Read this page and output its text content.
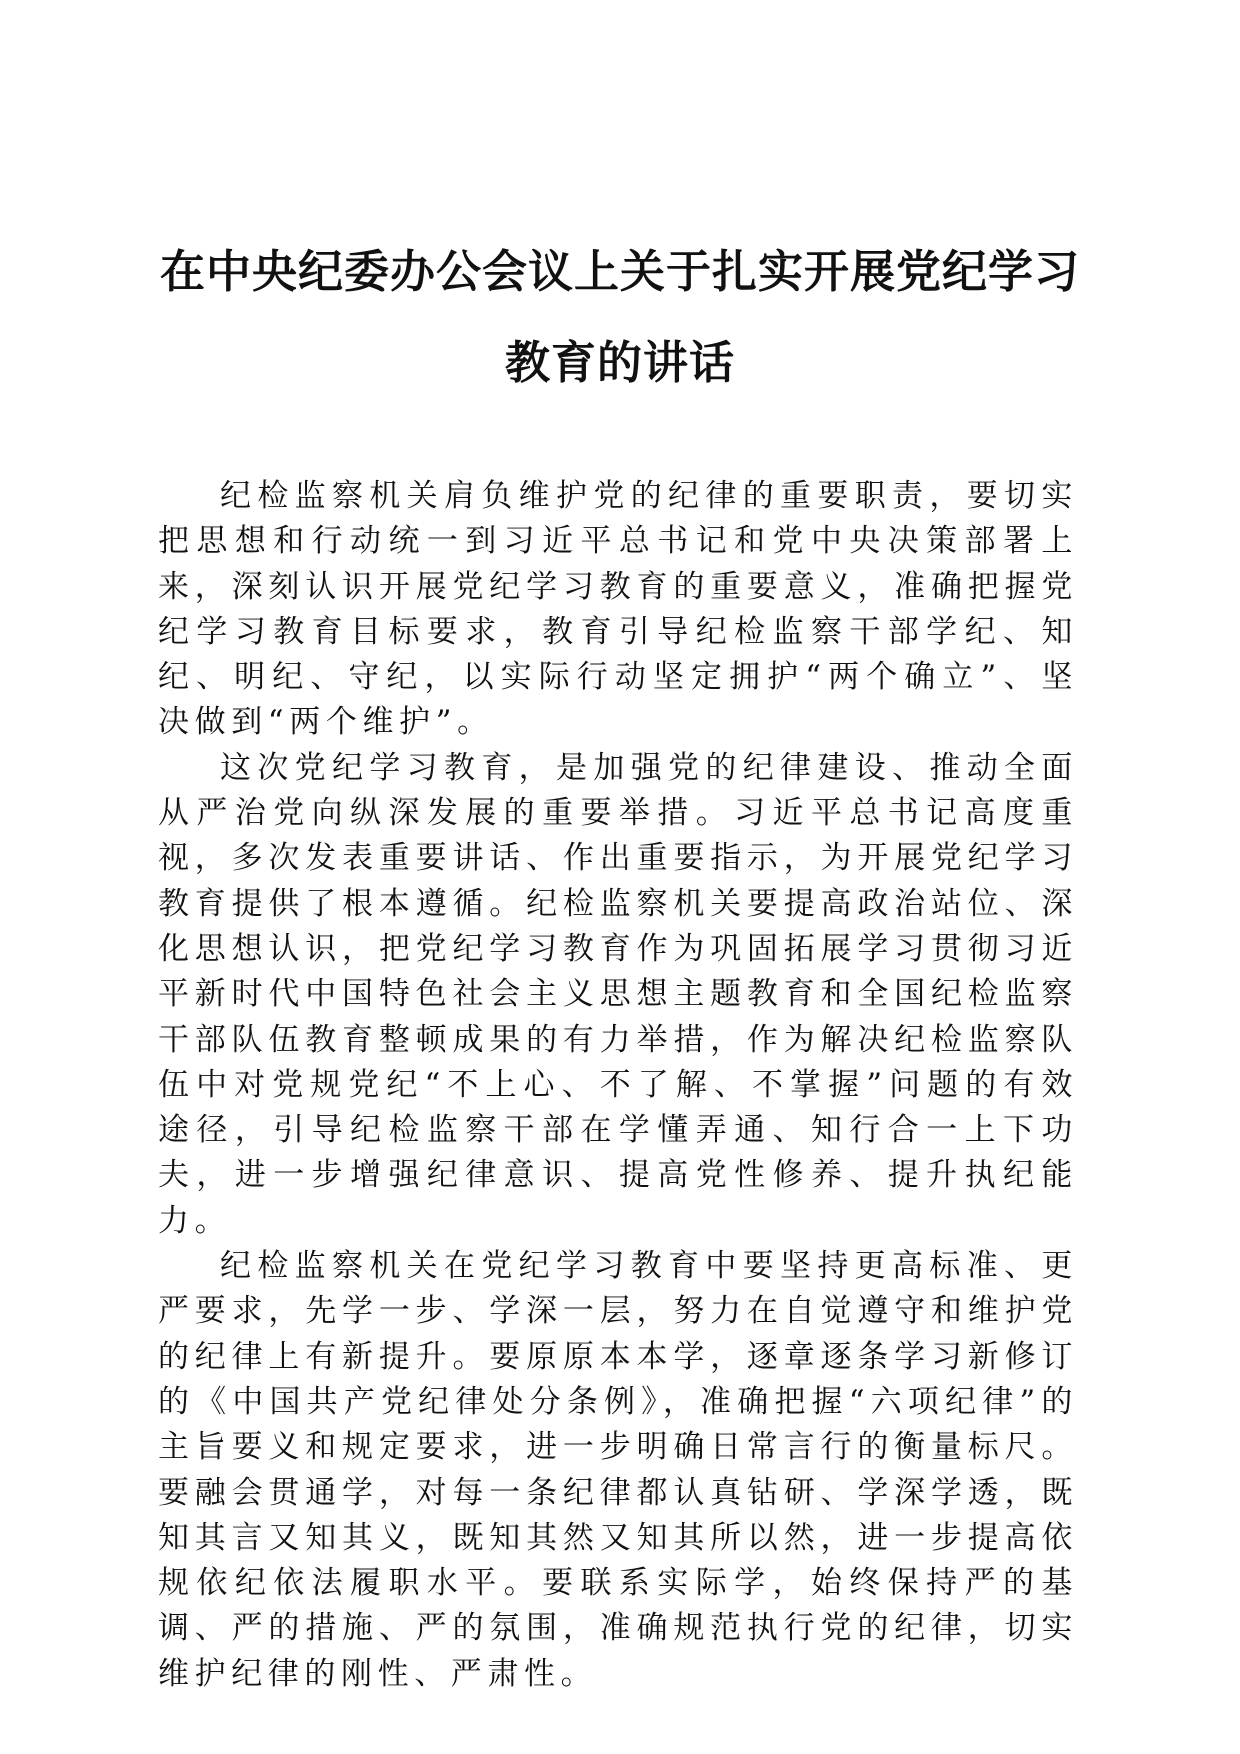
在中央纪委办公会议上关于扎实开展党纪学习
教育的讲话

纪检监察机关肩负维护党的纪律的重要职责，要切实把思想和行动统一到习近平总书记和党中央决策部署上来，深刻认识开展党纪学习教育的重要意义，准确把握党纪学习教育目标要求，教育引导纪检监察干部学纪、知纪、明纪、守纪，以实际行动坚定拥护“两个确立”、坚决做到“两个维护”。

这次党纪学习教育，是加强党的纪律建设、推动全面从严治党向纵深发展的重要举措。习近平总书记高度重视，多次发表重要讲话、作出重要指示，为开展党纪学习教育提供了根本遵循。纪检监察机关要提高政治站位、深化思想认识，把党纪学习教育作为巩固拓展学习贯彻习近平新时代中国特色社会主义思想主题教育和全国纪检监察干部队伍教育整顿成果的有力举措，作为解决纪检监察队伍中对党规党纪“不上心、不了解、不掌握”问题的有效途径，引导纪检监察干部在学懂弄通、知行合一上下功夫，进一步增强纪律意识、提高党性修养、提升执纪能力。

纪检监察机关在党纪学习教育中要坚持更高标准、更严要求，先学一步、学深一层，努力在自觉遵守和维护党的纪律上有新提升。要原原本本学，逐章逐条学习新修订的《中国共产党纪律处分条例》，准确把握“六项纪律”的主旨要义和规定要求，进一步明确日常言行的衡量标尺。要融会贯通学，对每一条纪律都认真钻研、学深学透，既知其言又知其义，既知其然又知其所以然，进一步提高依规依纪依法履职水平。要联系实际学，始终保持严的基调、严的措施、严的氛围，准确规范执行党的纪律，切实维护纪律的刚性、严肃性。
